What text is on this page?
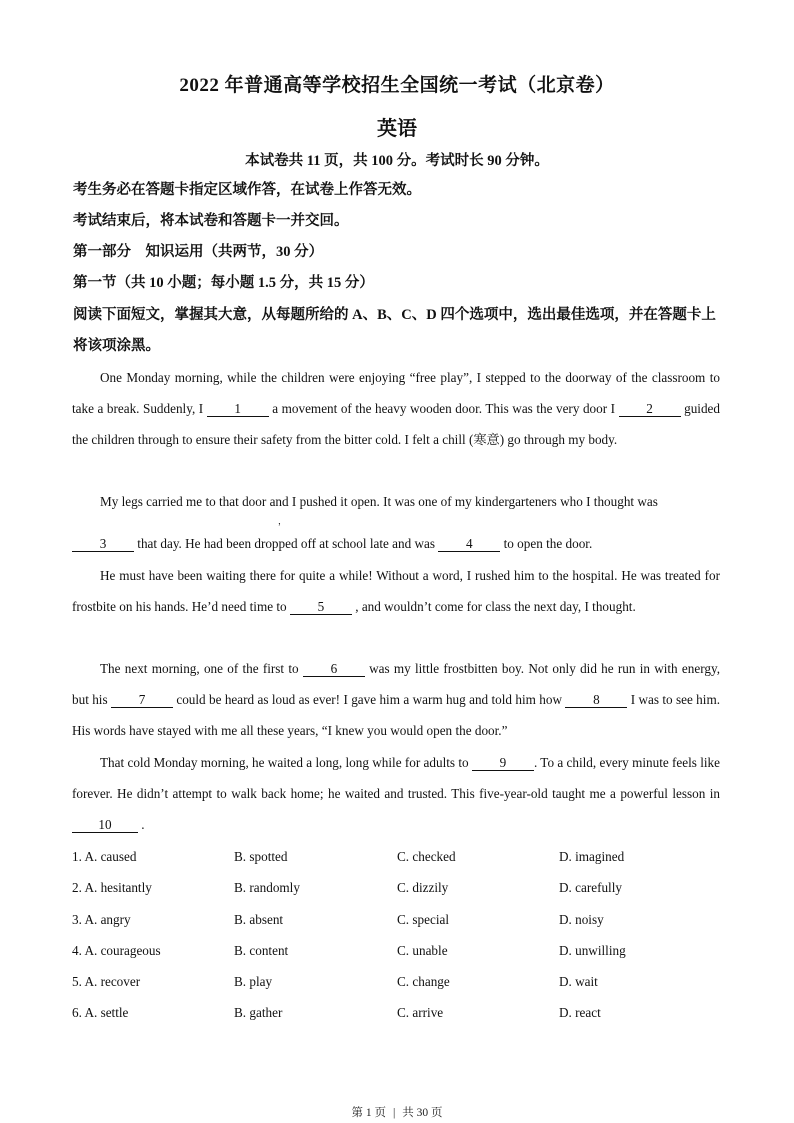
2022 年普通高等学校招生全国统一考试（北京卷）
英语
本试卷共 11 页，共 100 分。考试时长 90 分钟。
考生务必在答题卡指定区域作答，在试卷上作答无效。
考试结束后，将本试卷和答题卡一并交回。
第一部分　知识运用（共两节，30 分）
第一节（共 10 小题；每小题 1.5 分，共 15 分）
阅读下面短文，掌握其大意，从每题所给的 A、B、C、D 四个选项中，选出最佳选项，并在答题卡上将该项涂黑。
One Monday morning, while the children were enjoying “free play”, I stepped to the doorway of the classroom to take a break. Suddenly, I 1 a movement of the heavy wooden door. This was the very door I 2 guided the children through to ensure their safety from the bitter cold. I felt a chill (寒意) go through my body.
My legs carried me to that door and I pushed it open. It was one of my kindergarteners who I thought was
，
3 that day. He had been dropped off at school late and was 4 to open the door.
He must have been waiting there for quite a while! Without a word, I rushed him to the hospital. He was treated for frostbite on his hands. He’d need time to 5 , and wouldn’t come for class the next day, I thought.
The next morning, one of the first to 6 was my little frostbitten boy. Not only did he run in with energy, but his 7 could be heard as loud as ever! I gave him a warm hug and told him how 8 I was to see him. His words have stayed with me all these years, “I knew you would open the door.”
That cold Monday morning, he waited a long, long while for adults to 9 . To a child, every minute feels like forever. He didn’t attempt to walk back home; he waited and trusted. This five-year-old taught me a powerful lesson in 10 .
1. A. caused	B. spotted	C. checked	D. imagined
2. A. hesitantly	B. randomly	C. dizzily	D. carefully
3. A. angry	B. absent	C. special	D. noisy
4. A. courageous	B. content	C. unable	D. unwilling
5. A. recover	B. play	C. change	D. wait
6. A. settle	B. gather	C. arrive	D. react
第 1 页 | 共 30 页
